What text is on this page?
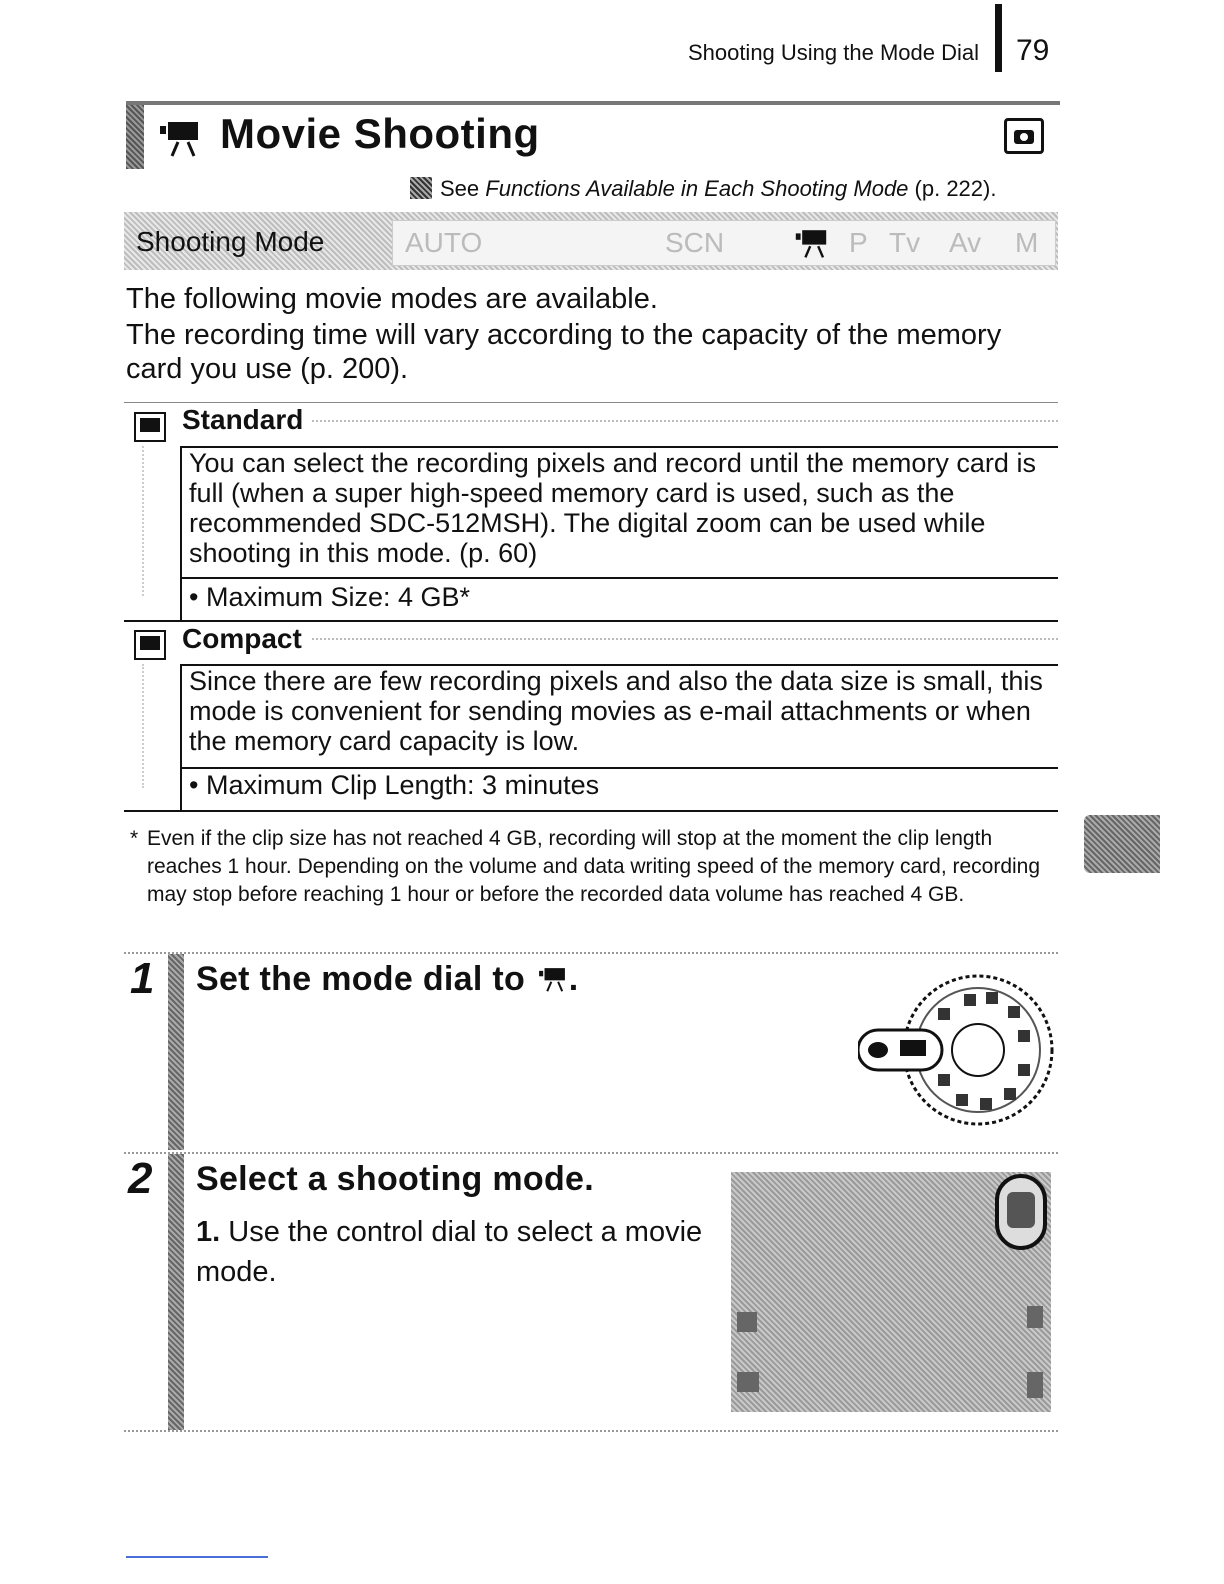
Shooting Using the Mode Dial 79
Movie Shooting
See Functions Available in Each Shooting Mode (p. 222).
Shooting Mode	AUTO	SCN	P Tv Av M
The following movie modes are available.
The recording time will vary according to the capacity of the memory card you use (p. 200).
Standard
You can select the recording pixels and record until the memory card is full (when a super high-speed memory card is used, such as the recommended SDC-512MSH). The digital zoom can be used while shooting in this mode. (p. 60)
• Maximum Size: 4 GB*
Compact
Since there are few recording pixels and also the data size is small, this mode is convenient for sending movies as e-mail attachments or when the memory card capacity is low.
• Maximum Clip Length: 3 minutes
* Even if the clip size has not reached 4 GB, recording will stop at the moment the clip length reaches 1 hour. Depending on the volume and data writing speed of the memory card, recording may stop before reaching 1 hour or before the recorded data volume has reached 4 GB.
1 Set the mode dial to .
2 Select a shooting mode.
1. Use the control dial to select a movie mode.
